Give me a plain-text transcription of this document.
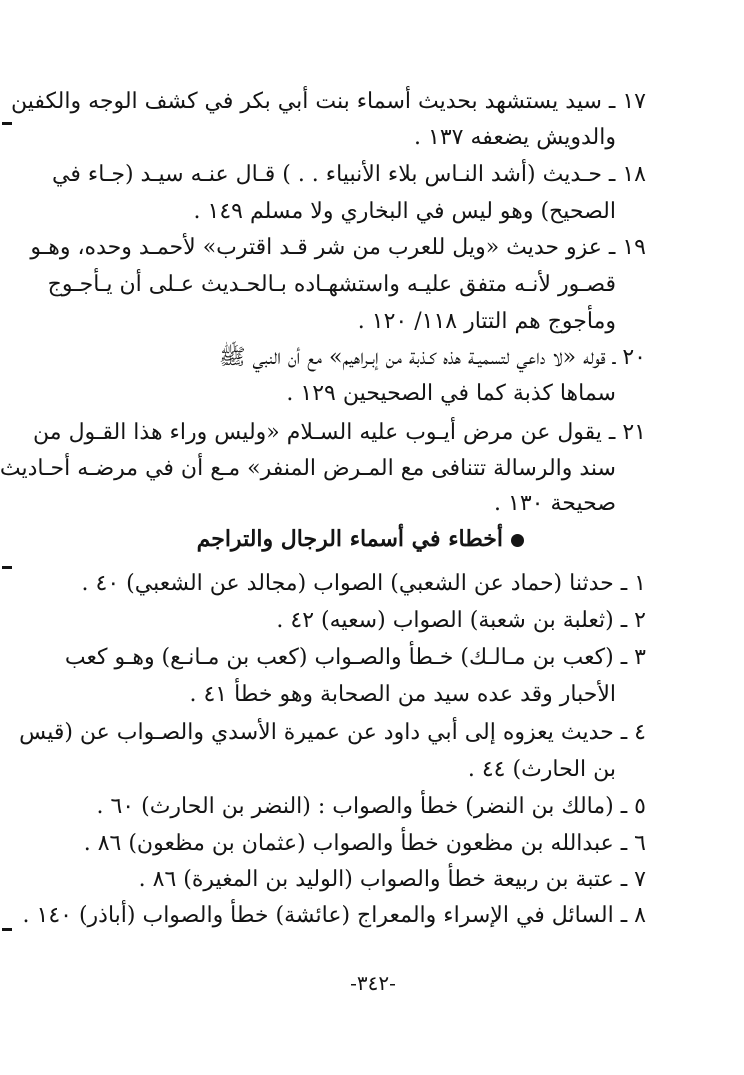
١٧ ـ سيد يستشهد بحديث أسماء بنت أبي بكر في كشف الوجه والكفين
والدويش يضعفه ١٣٧ .
١٨ ـ حـديث (أشد النـاس بلاء الأنبياء . . ) قـال عنـه سيـد (جـاء في
الصحيح) وهو ليس في البخاري ولا مسلم ١٤٩ .
١٩ ـ عزو حديث «ويل للعرب من شر قـد اقترب» لأحمـد وحده، وهـو
قصـور لأنـه متفق عليـه واستشهـاده بـالحـديث عـلى أن يـأجـوج
ومأجوج هم التتار ١١٨/ ١٢٠ .
٢٠ ـ قوله «لا داعي لتسميـة هذه كـذبة من إبـراهيم» مع أن النبي ﷺ
سماها كذبة كما في الصحيحين ١٢٩ .
٢١ ـ يقول عن مرض أيـوب عليه السـلام «وليس وراء هذا القـول من
سند والرسالة تتنافى مع المـرض المنفر» مـع أن في مرضـه أحـاديث
صحيحة ١٣٠ .
أخطاء في أسماء الرجال والتراجم
١ ـ حدثنا (حماد عن الشعبي) الصواب (مجالد عن الشعبي) ٤٠ .
٢ ـ (ثعلبة بن شعبة) الصواب (سعيه) ٤٢ .
٣ ـ (كعب بن مـالـك) خـطأ والصـواب (كعب بن مـانـع) وهـو كعب
الأحبار وقد عده سيد من الصحابة وهو خطأ ٤١ .
٤ ـ حديث يعزوه إلى أبي داود عن عميرة الأسدي والصـواب عن (قيس
بن الحارث) ٤٤ .
٥ ـ (مالك بن النضر) خطأ والصواب : (النضر بن الحارث) ٦٠ .
٦ ـ عبدالله بن مظعون خطأ والصواب (عثمان بن مظعون) ٨٦ .
٧ ـ عتبة بن ربيعة خطأ والصواب (الوليد بن المغيرة) ٨٦ .
٨ ـ السائل في الإسراء والمعراج (عائشة) خطأ والصواب (أباذر) ١٤٠ .
-٣٤٢-
